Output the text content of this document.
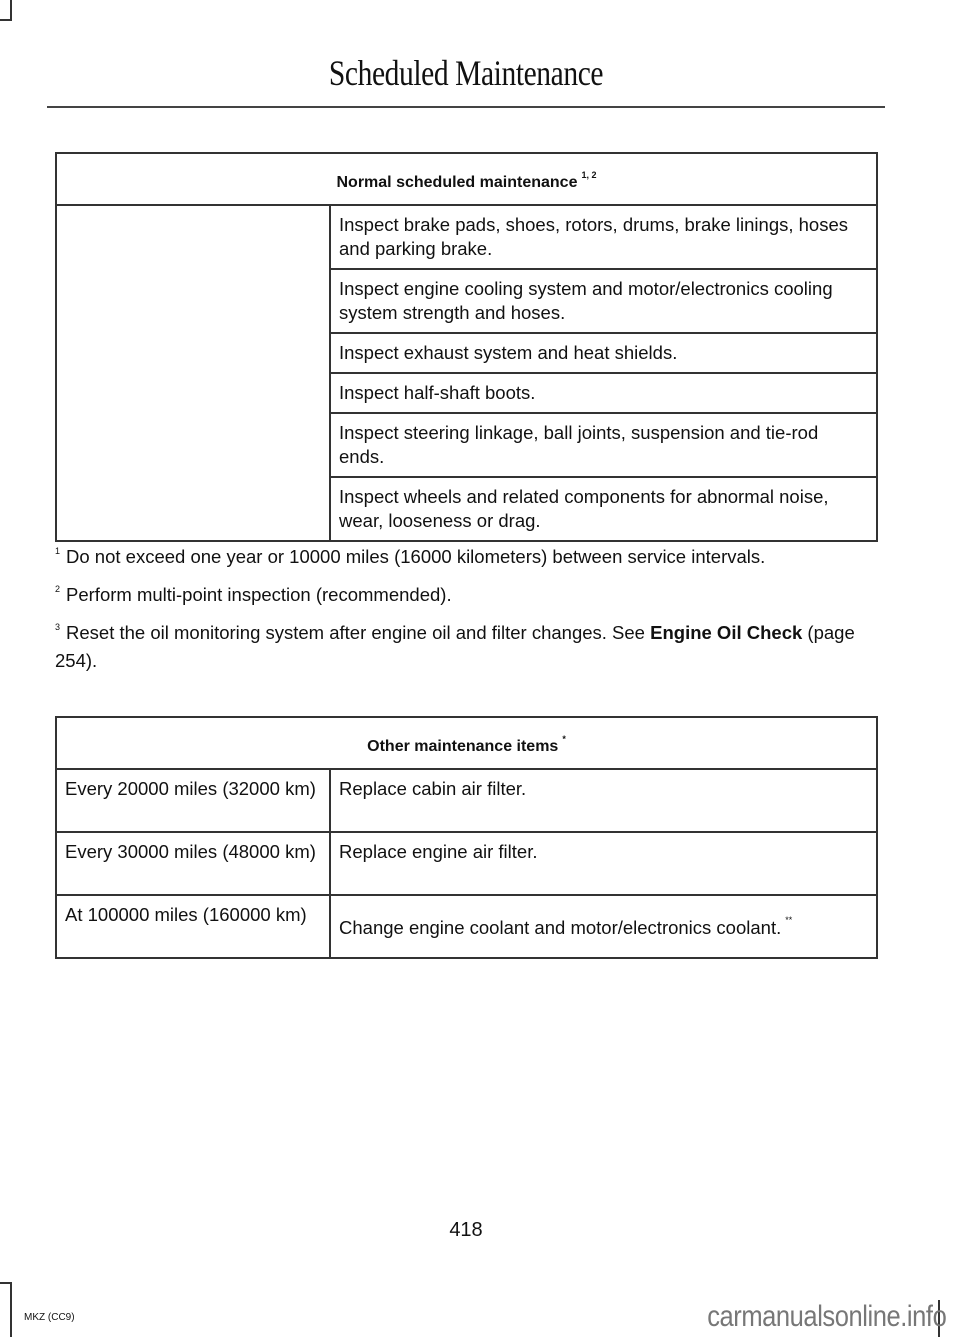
Scheduled Maintenance
Normal scheduled maintenance $^{1, 2}$
	Inspect brake pads, shoes, rotors, drums, brake linings, hoses and parking brake.
Inspect engine cooling system and motor/electronics cooling system strength and hoses.
Inspect exhaust system and heat shields.
Inspect half-shaft boots.
Inspect steering linkage, ball joints, suspension and tie-rod ends.
Inspect wheels and related components for abnormal noise, wear, looseness or drag.
$^1$ Do not exceed one year or 10000 miles (16000 kilometers) between service intervals.
$^2$ Perform multi-point inspection (recommended).
$^3$ Reset the oil monitoring system after engine oil and filter changes. See Engine Oil Check (page 254).
Other maintenance items *
Every 20000 miles (32000 km)	Replace cabin air filter.
Every 30000 miles (48000 km)	Replace engine air filter.
At 100000 miles (160000 km)	Change engine coolant and motor/electronics coolant. **
418
MKZ (CC9)	carmanualsonline.info
